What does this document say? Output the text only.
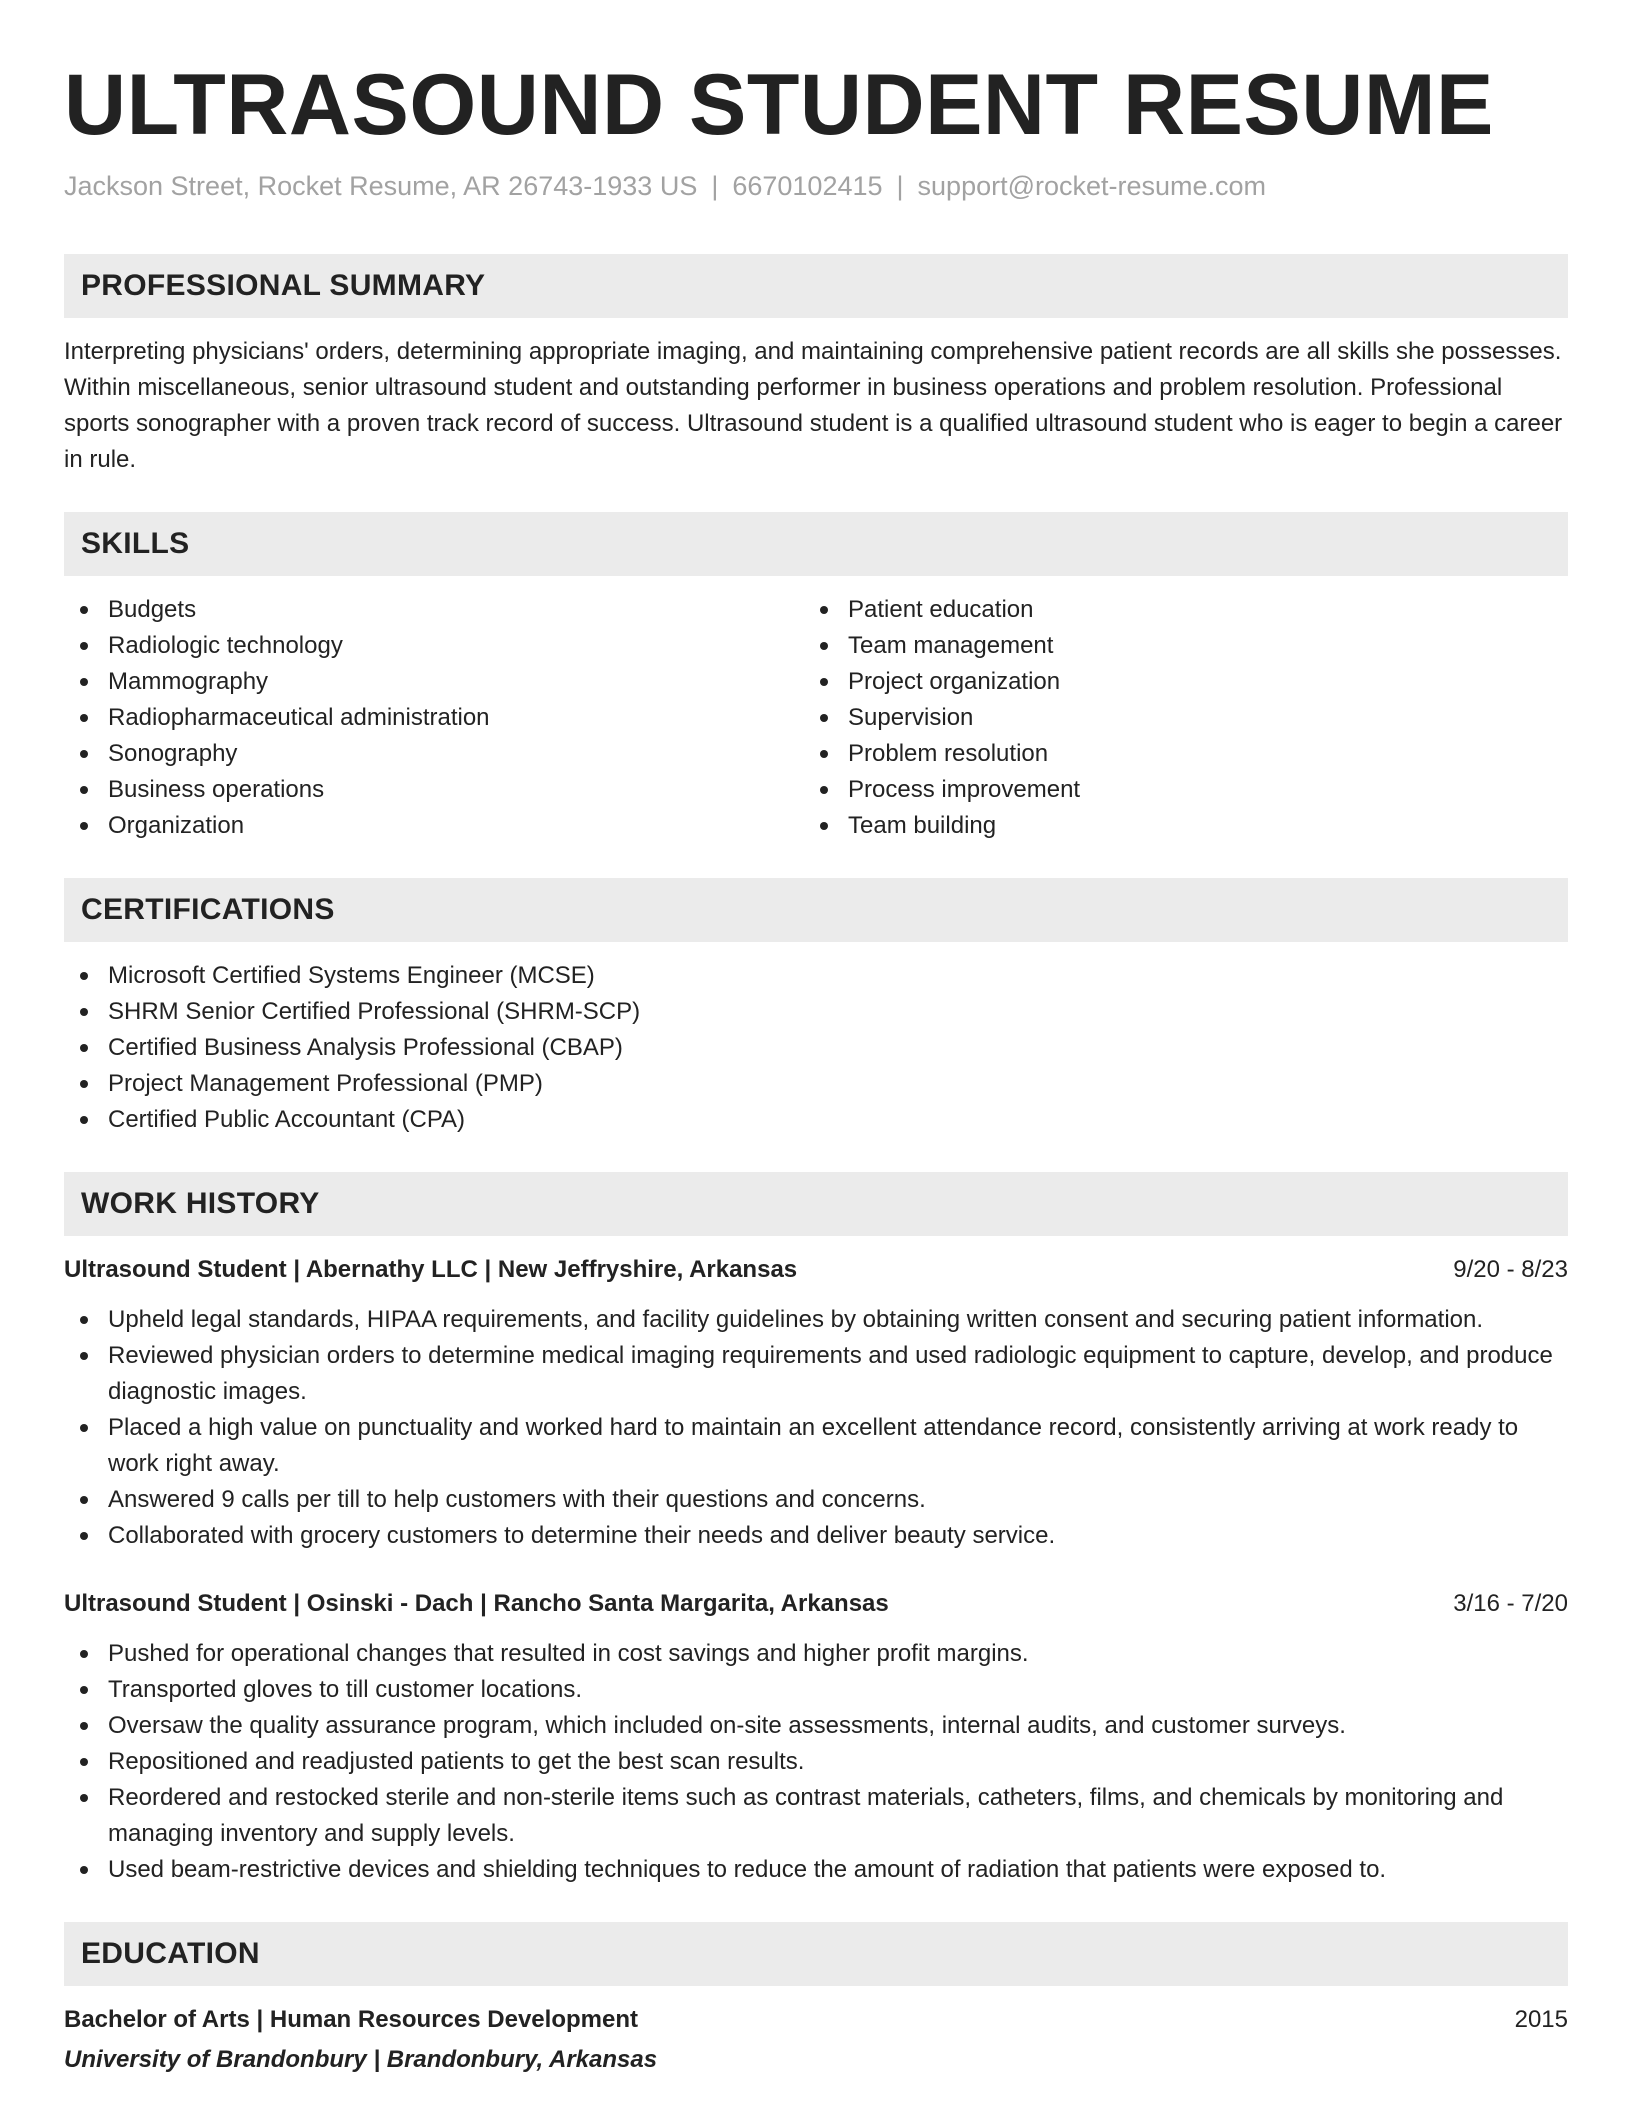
ULTRASOUND STUDENT RESUME
Jackson Street, Rocket Resume, AR 26743-1933 US | 6670102415 | support@rocket-resume.com
PROFESSIONAL SUMMARY
Interpreting physicians' orders, determining appropriate imaging, and maintaining comprehensive patient records are all skills she possesses. Within miscellaneous, senior ultrasound student and outstanding performer in business operations and problem resolution. Professional sports sonographer with a proven track record of success. Ultrasound student is a qualified ultrasound student who is eager to begin a career in rule.
SKILLS
Budgets
Radiologic technology
Mammography
Radiopharmaceutical administration
Sonography
Business operations
Organization
Patient education
Team management
Project organization
Supervision
Problem resolution
Process improvement
Team building
CERTIFICATIONS
Microsoft Certified Systems Engineer (MCSE)
SHRM Senior Certified Professional (SHRM-SCP)
Certified Business Analysis Professional (CBAP)
Project Management Professional (PMP)
Certified Public Accountant (CPA)
WORK HISTORY
Ultrasound Student | Abernathy LLC | New Jeffryshire, Arkansas	9/20 - 8/23
Upheld legal standards, HIPAA requirements, and facility guidelines by obtaining written consent and securing patient information.
Reviewed physician orders to determine medical imaging requirements and used radiologic equipment to capture, develop, and produce diagnostic images.
Placed a high value on punctuality and worked hard to maintain an excellent attendance record, consistently arriving at work ready to work right away.
Answered 9 calls per till to help customers with their questions and concerns.
Collaborated with grocery customers to determine their needs and deliver beauty service.
Ultrasound Student | Osinski - Dach | Rancho Santa Margarita, Arkansas	3/16 - 7/20
Pushed for operational changes that resulted in cost savings and higher profit margins.
Transported gloves to till customer locations.
Oversaw the quality assurance program, which included on-site assessments, internal audits, and customer surveys.
Repositioned and readjusted patients to get the best scan results.
Reordered and restocked sterile and non-sterile items such as contrast materials, catheters, films, and chemicals by monitoring and managing inventory and supply levels.
Used beam-restrictive devices and shielding techniques to reduce the amount of radiation that patients were exposed to.
EDUCATION
Bachelor of Arts | Human Resources Development	2015
University of Brandonbury | Brandonbury, Arkansas
